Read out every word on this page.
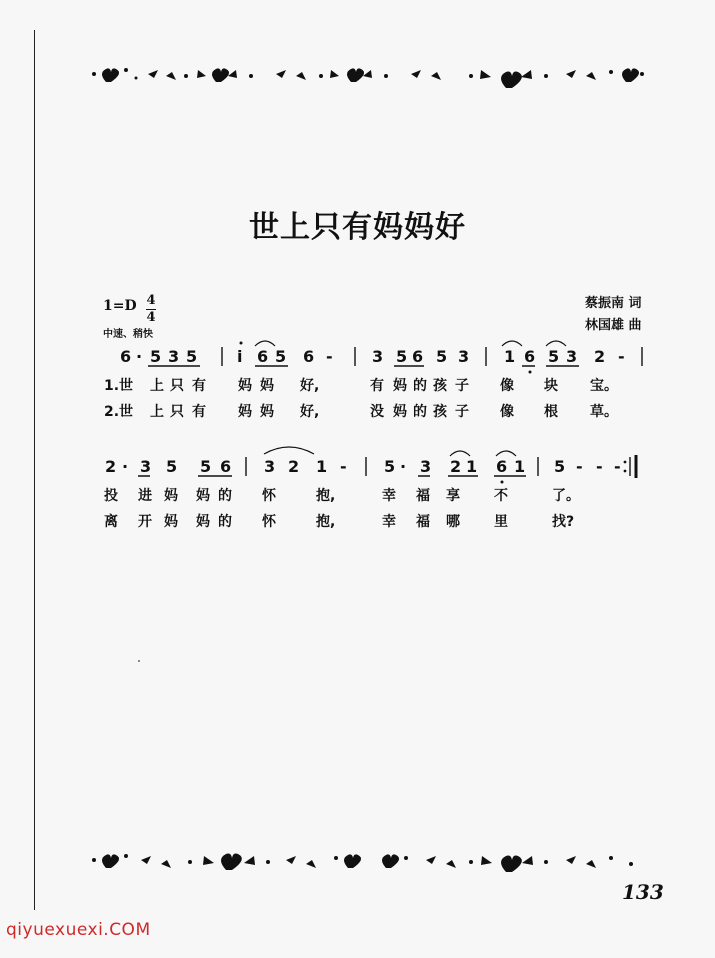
世上只有妈妈好
1=D 4
4
中速、稍快
蔡振南 词
林国雄 曲
6 · 5 3 5 i 6 5 6 - 3 5 6 5 3 1 6 5 3 2 -
2 · 3 5 5 6 3 2 1 - 5 · 3 2 1 6 1 5 - - -
1.世 上 只 有 妈 妈 好,	有 妈 的 孩 子 像 块 宝。
2.世 上 只 有 妈 妈 好,	没 妈 的 孩 子 像 根 草。
投 进 妈 妈 的 怀	抱,	幸 福 享 不	了。
离 开 妈 妈 的 怀	抱,	幸 福 哪 里	找?
133
qiyuexuexi.COM
